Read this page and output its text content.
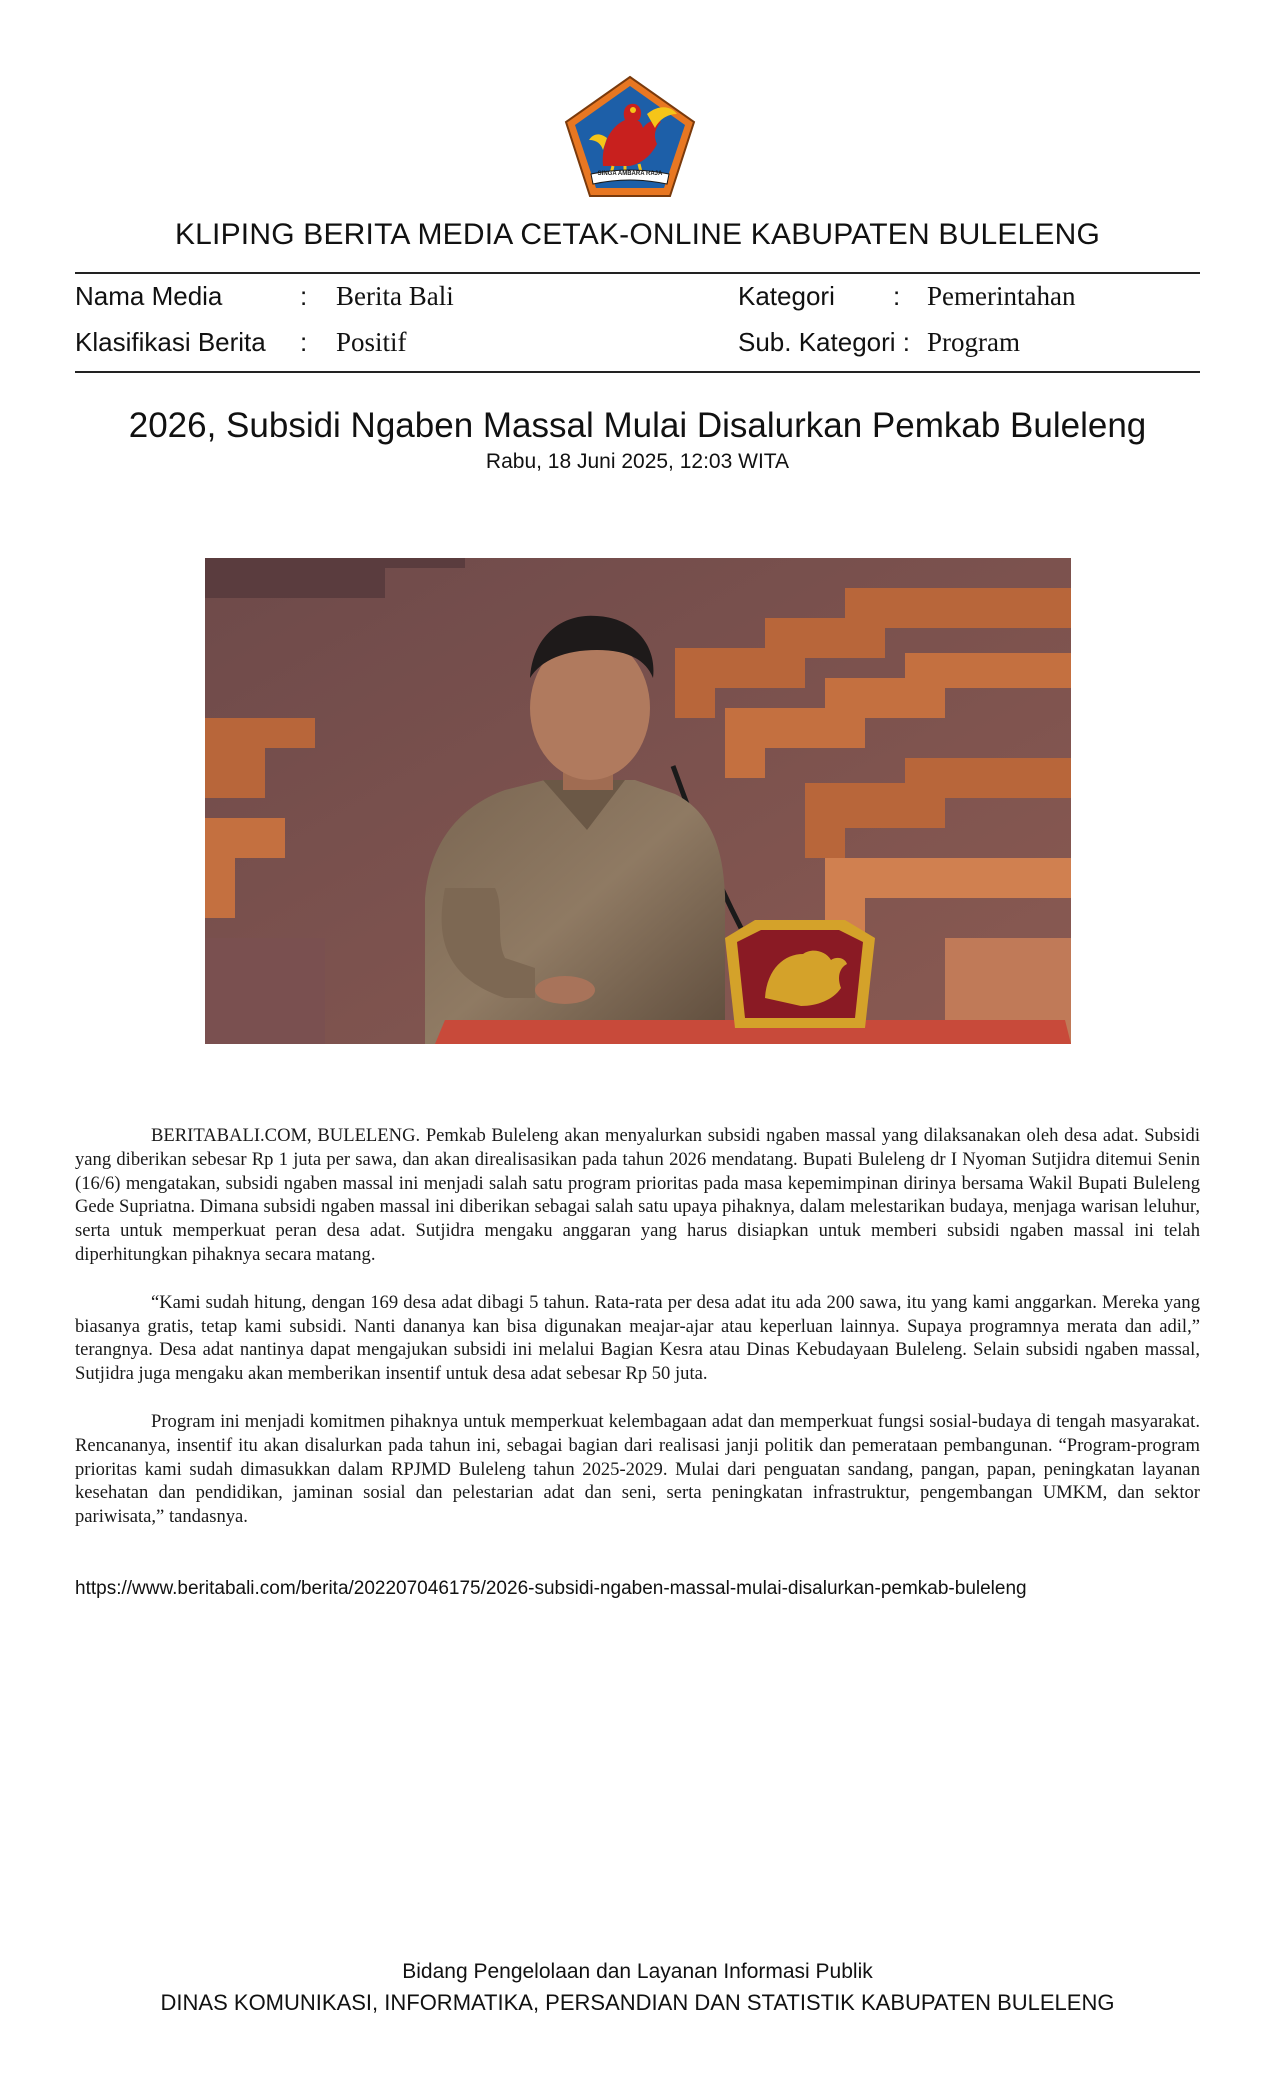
SINGA AMBARA RAJA
KLIPING BERITA MEDIA CETAK-ONLINE KABUPATEN BULELENG
Nama Media	: Berita Bali	Kategori : Pemerintahan
Klasifikasi Berita : Positif	Sub. Kategori : Program
2026, Subsidi Ngaben Massal Mulai Disalurkan Pemkab Buleleng
Rabu, 18 Juni 2025, 12:03 WITA

BERITABALI.COM, BULELENG. Pemkab Buleleng akan menyalurkan subsidi ngaben massal yang dilaksanakan oleh desa adat. Subsidi yang diberikan sebesar Rp 1 juta per sawa, dan akan direalisasikan pada tahun 2026 mendatang. Bupati Buleleng dr I Nyoman Sutjidra ditemui Senin (16/6) mengatakan, subsidi ngaben massal ini menjadi salah satu program prioritas pada masa kepemimpinan dirinya bersama Wakil Bupati Buleleng Gede Supriatna. Dimana subsidi ngaben massal ini diberikan sebagai salah satu upaya pihaknya, dalam melestarikan budaya, menjaga warisan leluhur, serta untuk memperkuat peran desa adat. Sutjidra mengaku anggaran yang harus disiapkan untuk memberi subsidi ngaben massal ini telah diperhitungkan pihaknya secara matang.

“Kami sudah hitung, dengan 169 desa adat dibagi 5 tahun. Rata-rata per desa adat itu ada 200 sawa, itu yang kami anggarkan. Mereka yang biasanya gratis, tetap kami subsidi. Nanti dananya kan bisa digunakan meajar-ajar atau keperluan lainnya. Supaya programnya merata dan adil,” terangnya. Desa adat nantinya dapat mengajukan subsidi ini melalui Bagian Kesra atau Dinas Kebudayaan Buleleng. Selain subsidi ngaben massal, Sutjidra juga mengaku akan memberikan insentif untuk desa adat sebesar Rp 50 juta.

Program ini menjadi komitmen pihaknya untuk memperkuat kelembagaan adat dan memperkuat fungsi sosial-budaya di tengah masyarakat. Rencananya, insentif itu akan disalurkan pada tahun ini, sebagai bagian dari realisasi janji politik dan pemerataan pembangunan. “Program-program prioritas kami sudah dimasukkan dalam RPJMD Buleleng tahun 2025-2029. Mulai dari penguatan sandang, pangan, papan, peningkatan layanan kesehatan dan pendidikan, jaminan sosial dan pelestarian adat dan seni, serta peningkatan infrastruktur, pengembangan UMKM, dan sektor pariwisata,” tandasnya.

https://www.beritabali.com/berita/202207046175/2026-subsidi-ngaben-massal-mulai-disalurkan-pemkab-buleleng
Bidang Pengelolaan dan Layanan Informasi Publik
DINAS KOMUNIKASI, INFORMATIKA, PERSANDIAN DAN STATISTIK KABUPATEN BULELENG
